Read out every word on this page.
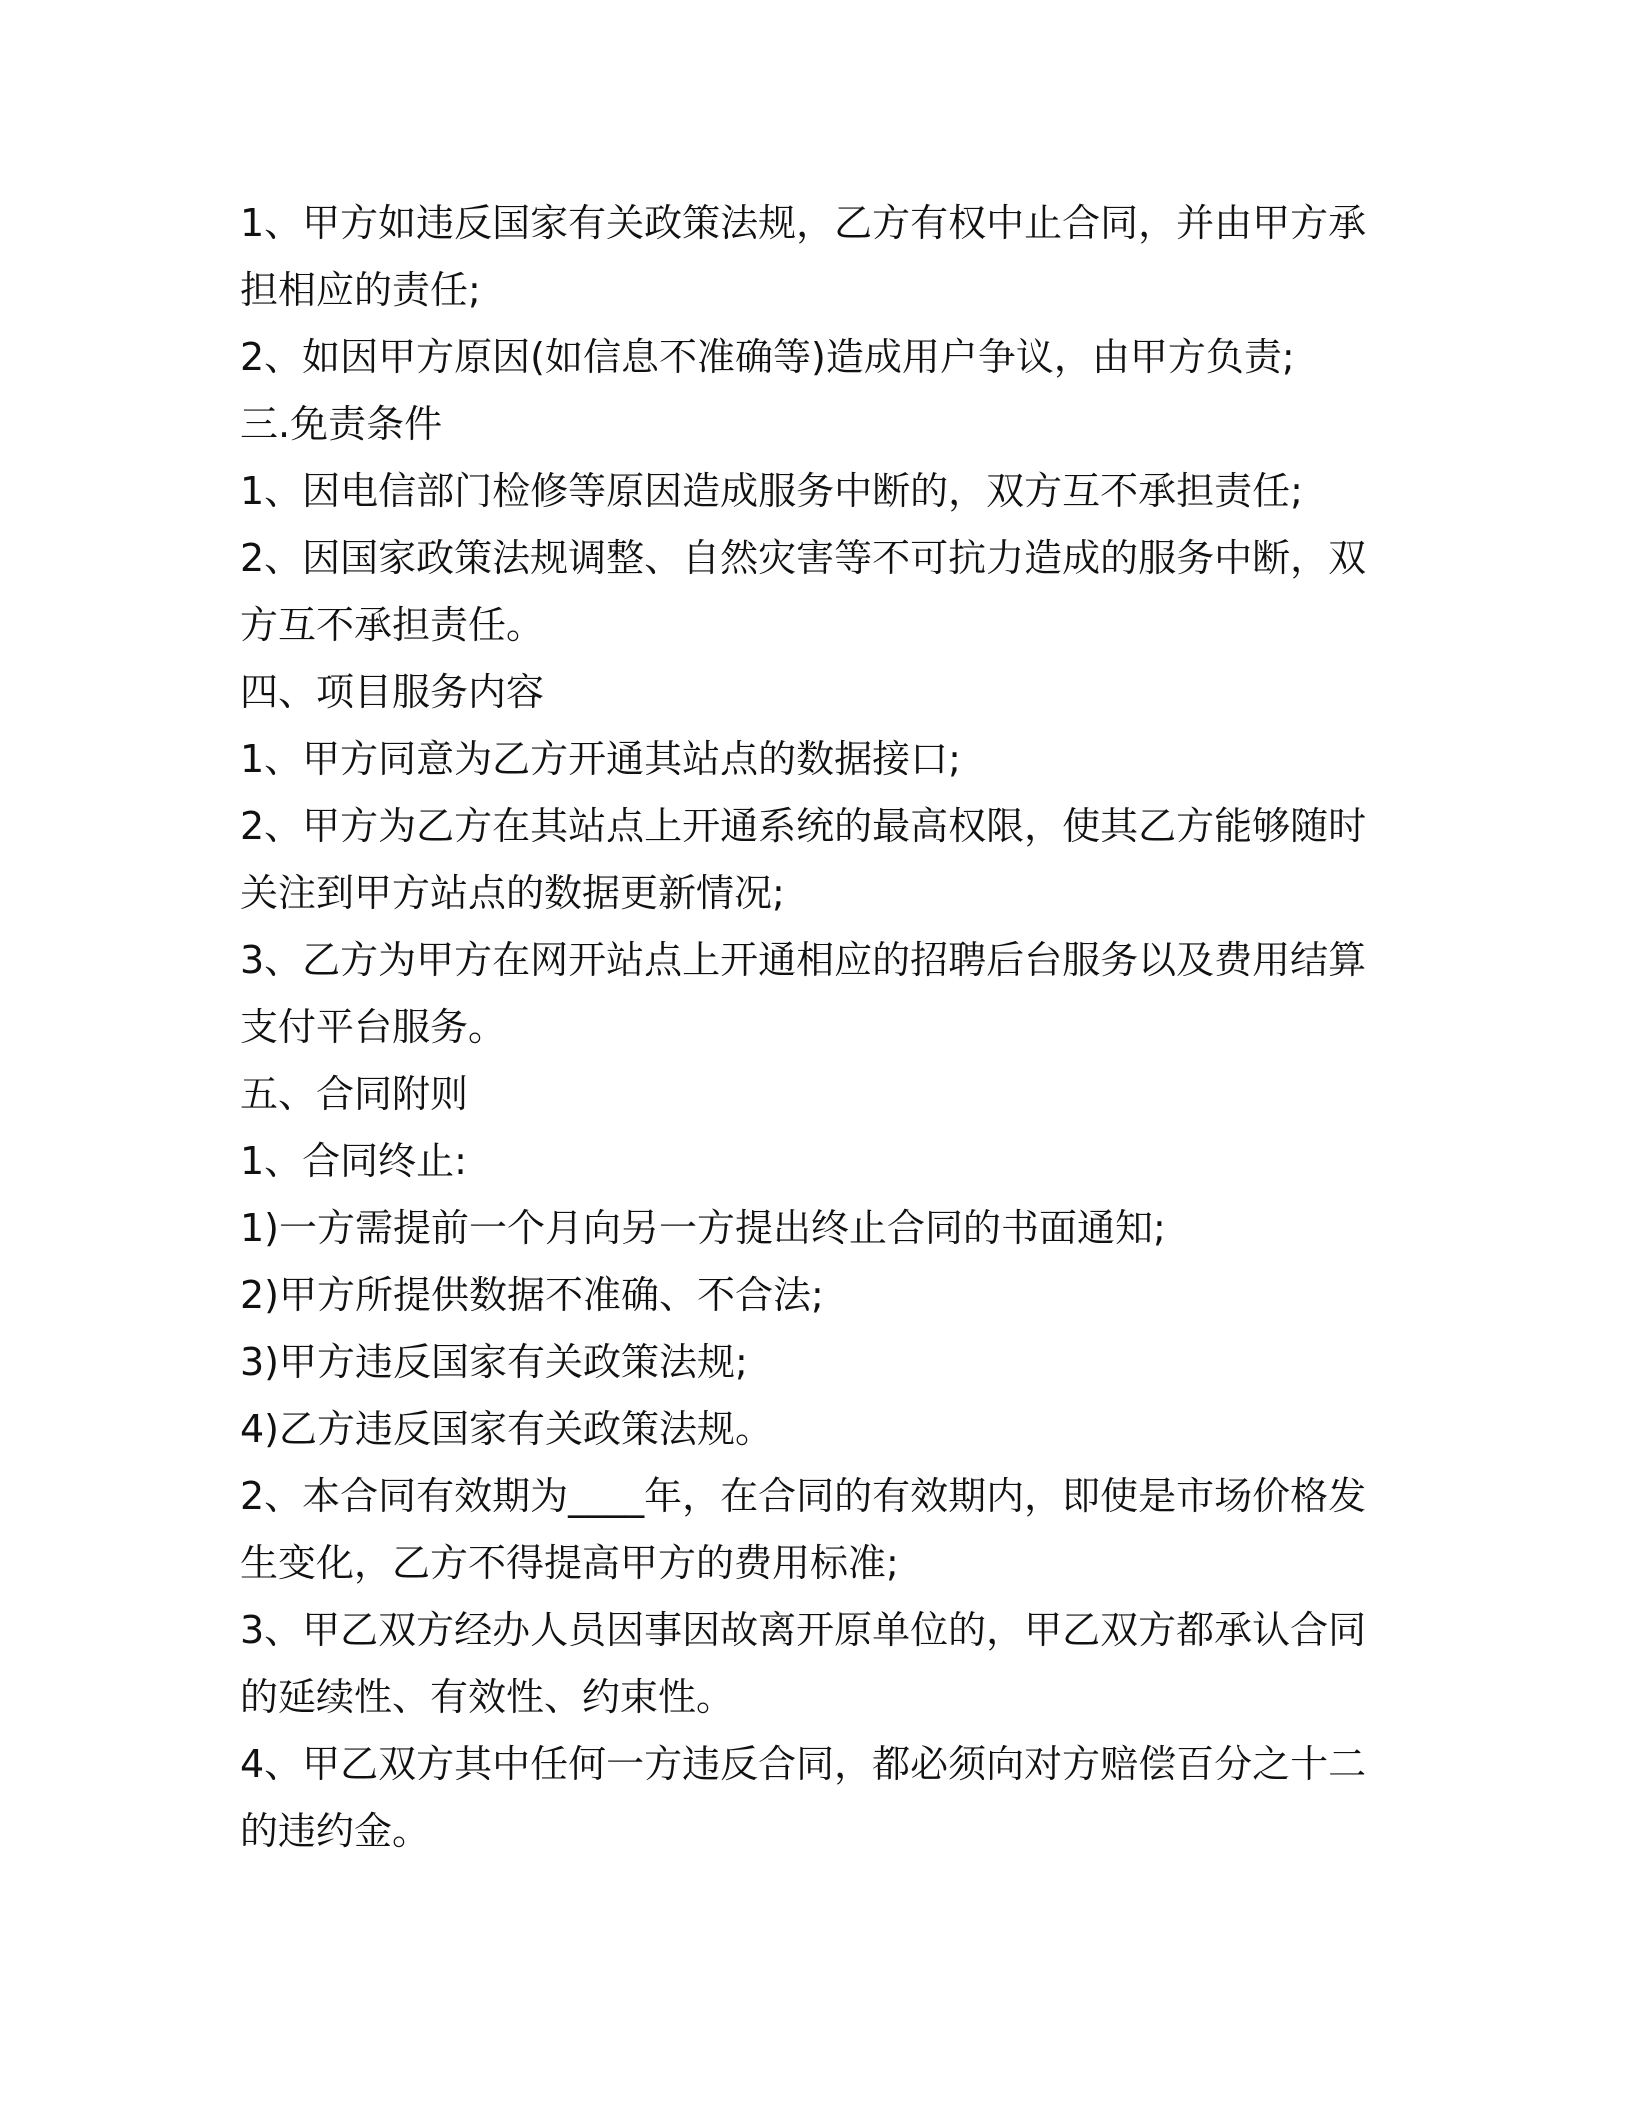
1、甲方如违反国家有关政策法规，乙方有权中止合同，并由甲方承担相应的责任;

2、如因甲方原因(如信息不准确等)造成用户争议，由甲方负责;

三.免责条件

1、因电信部门检修等原因造成服务中断的，双方互不承担责任;

2、因国家政策法规调整、自然灾害等不可抗力造成的服务中断，双方互不承担责任。

四、项目服务内容

1、甲方同意为乙方开通其站点的数据接口;

2、甲方为乙方在其站点上开通系统的最高权限，使其乙方能够随时关注到甲方站点的数据更新情况;

3、乙方为甲方在网开站点上开通相应的招聘后台服务以及费用结算支付平台服务。

五、合同附则

1、合同终止:

1)一方需提前一个月向另一方提出终止合同的书面通知;

2)甲方所提供数据不准确、不合法;

3)甲方违反国家有关政策法规;

4)乙方违反国家有关政策法规。

2、本合同有效期为____年，在合同的有效期内，即使是市场价格发生变化，乙方不得提高甲方的费用标准;

3、甲乙双方经办人员因事因故离开原单位的，甲乙双方都承认合同的延续性、有效性、约束性。

4、甲乙双方其中任何一方违反合同，都必须向对方赔偿百分之十二的违约金。
